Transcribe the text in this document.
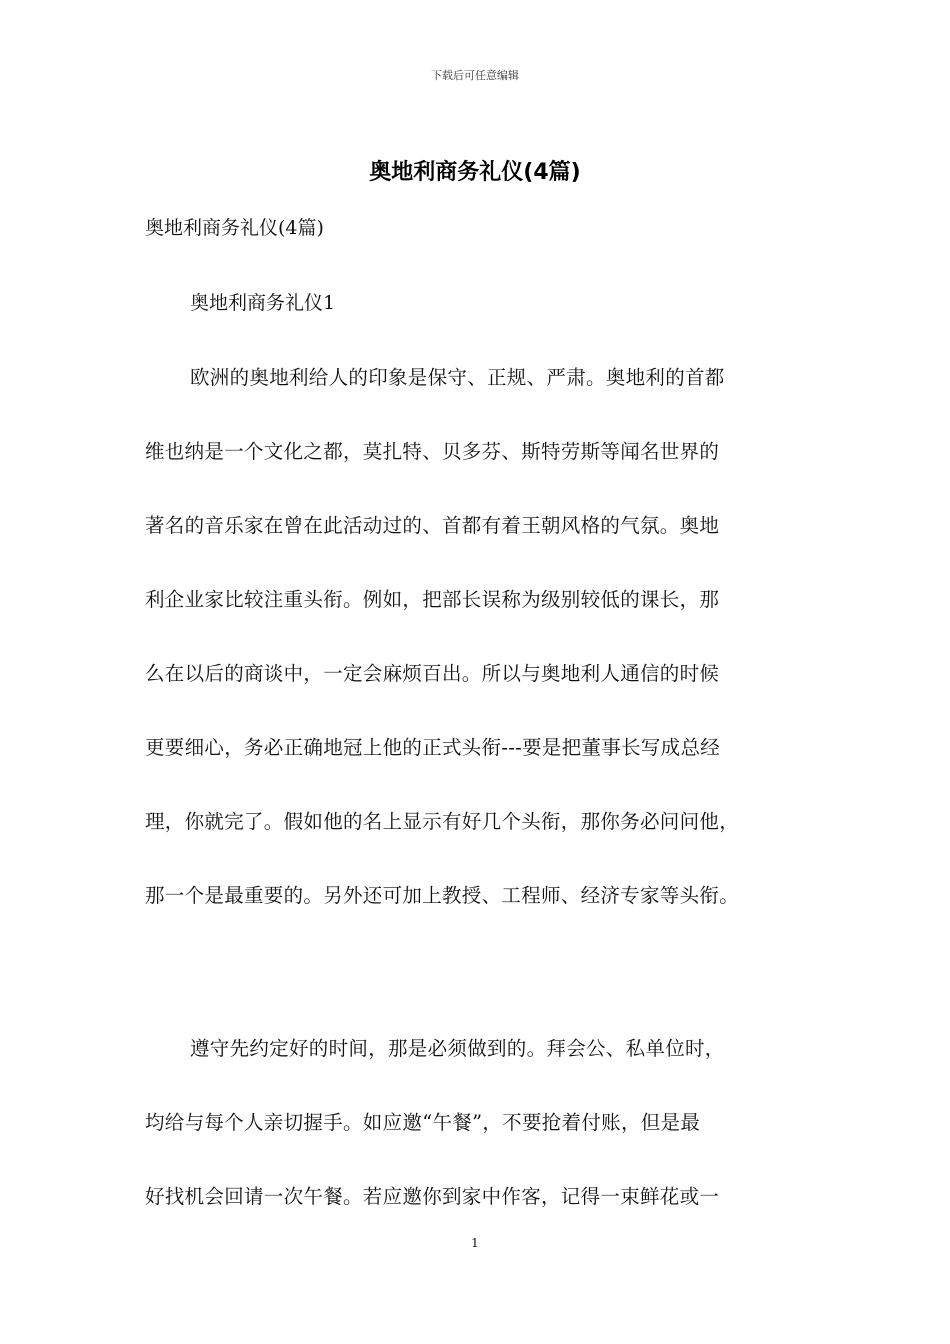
下载后可任意编辑
奥地利商务礼仪(4篇)
奥地利商务礼仪(4篇)
奥地利商务礼仪1
欧洲的奥地利给人的印象是保守、正规、严肃。奥地利的首都
维也纳是一个文化之都，莫扎特、贝多芬、斯特劳斯等闻名世界的
著名的音乐家在曾在此活动过的、首都有着王朝风格的气氛。奥地
利企业家比较注重头衔。例如，把部长误称为级别较低的课长，那
么在以后的商谈中，一定会麻烦百出。所以与奥地利人通信的时候
更要细心，务必正确地冠上他的正式头衔---要是把董事长写成总经
理，你就完了。假如他的名上显示有好几个头衔，那你务必问问他，
那一个是最重要的。另外还可加上教授、工程师、经济专家等头衔。
遵守先约定好的时间，那是必须做到的。拜会公、私单位时，
均给与每个人亲切握手。如应邀“午餐”，不要抢着付账，但是最
好找机会回请一次午餐。若应邀你到家中作客，记得一束鲜花或一
1
